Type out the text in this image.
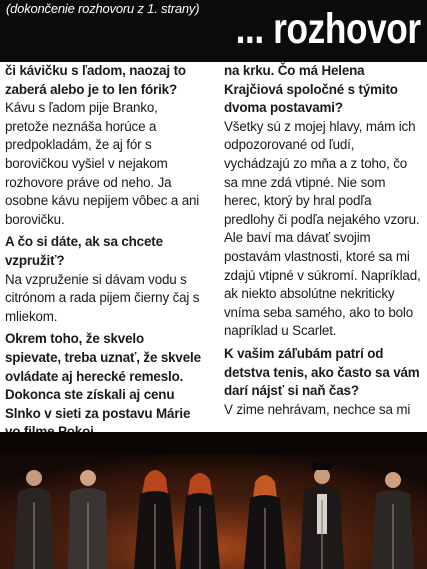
(dokončenie rozhovoru z 1. strany) ... rozhovor

či kávičku s ľadom, naozaj to zaberá alebo je to len fórik?

Kávu s ľadom pije Branko, pretože neznáša horúce a predpokladám, že aj fór s borovičkou vyšiel v nejakom rozhovore práve od neho. Ja osobne kávu nepijem vôbec a ani borovičku.

A čo si dáte, ak sa chcete vzpružiť?

Na vzpruženie si dávam vodu s citrónom a rada pijem čierny čaj s mliekom.

Okrem toho, že skvelo spievate, treba uznať, že skvele ovládate aj herecké remeslo. Dokonca ste získali aj cenu Slnko v sieti za postavu Márie

na krku. Čo má Helena Krajčiová spoločné s týmito dvoma postavami?

Všetky sú z mojej hlavy, mám ich odpozorované od ľudí, vychádzajú zo mňa a z toho, čo sa mne zdá vtipné. Nie som herec, ktorý by hral podľa predlohy či podľa nejakého vzoru. Ale baví ma dávať svojim postavám vlastnosti, ktoré sa mi zdajú vtipné v súkromí. Napríklad, ak niekto absolútne nekriticky vníma seba samého, ako to bolo napríklad u Scarlet.

K vašim záľubám patrí od detstva tenis, ako často sa vám darí nájsť si naň čas?

V zime nehrávam, nechce sa mi
